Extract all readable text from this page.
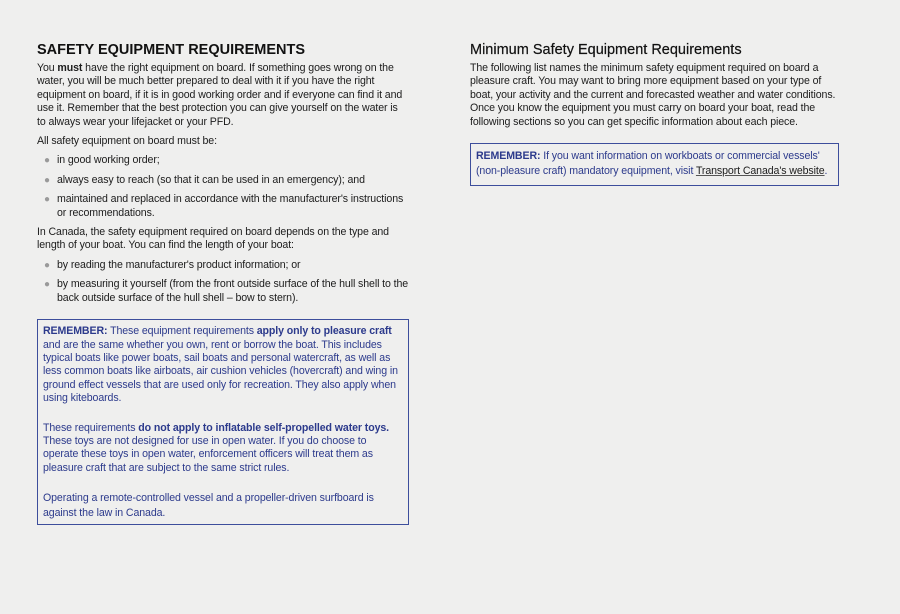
SAFETY EQUIPMENT REQUIREMENTS

You must have the right equipment on board. If something goes wrong on the water, you will be much better prepared to deal with it if you have the right equipment on board, if it is in good working order and if everyone can find it and use it. Remember that the best protection you can give yourself on the water is to always wear your lifejacket or your PFD.

All safety equipment on board must be:

● in good working order;
● always easy to reach (so that it can be used in an emergency); and
● maintained and replaced in accordance with the manufacturer's instructions or recommendations.

In Canada, the safety equipment required on board depends on the type and length of your boat. You can find the length of your boat:

● by reading the manufacturer's product information; or
● by measuring it yourself (from the front outside surface of the hull shell to the back outside surface of the hull shell – bow to stern).

REMEMBER: These equipment requirements apply only to pleasure craft and are the same whether you own, rent or borrow the boat. This includes typical boats like power boats, sail boats and personal watercraft, as well as less common boats like airboats, air cushion vehicles (hovercraft) and wing in ground effect vessels that are used only for recreation. They also apply when using kiteboards.

These requirements do not apply to inflatable self-propelled water toys. These toys are not designed for use in open water. If you do choose to operate these toys in open water, enforcement officers will treat them as pleasure craft that are subject to the same strict rules.

Operating a remote-controlled vessel and a propeller-driven surfboard is against the law in Canada.

Minimum Safety Equipment Requirements

The following list names the minimum safety equipment required on board a pleasure craft. You may want to bring more equipment based on your type of boat, your activity and the current and forecasted weather and water conditions. Once you know the equipment you must carry on board your boat, read the following sections so you can get specific information about each piece.

REMEMBER: If you want information on workboats or commercial vessels' (non-pleasure craft) mandatory equipment, visit Transport Canada's website.
